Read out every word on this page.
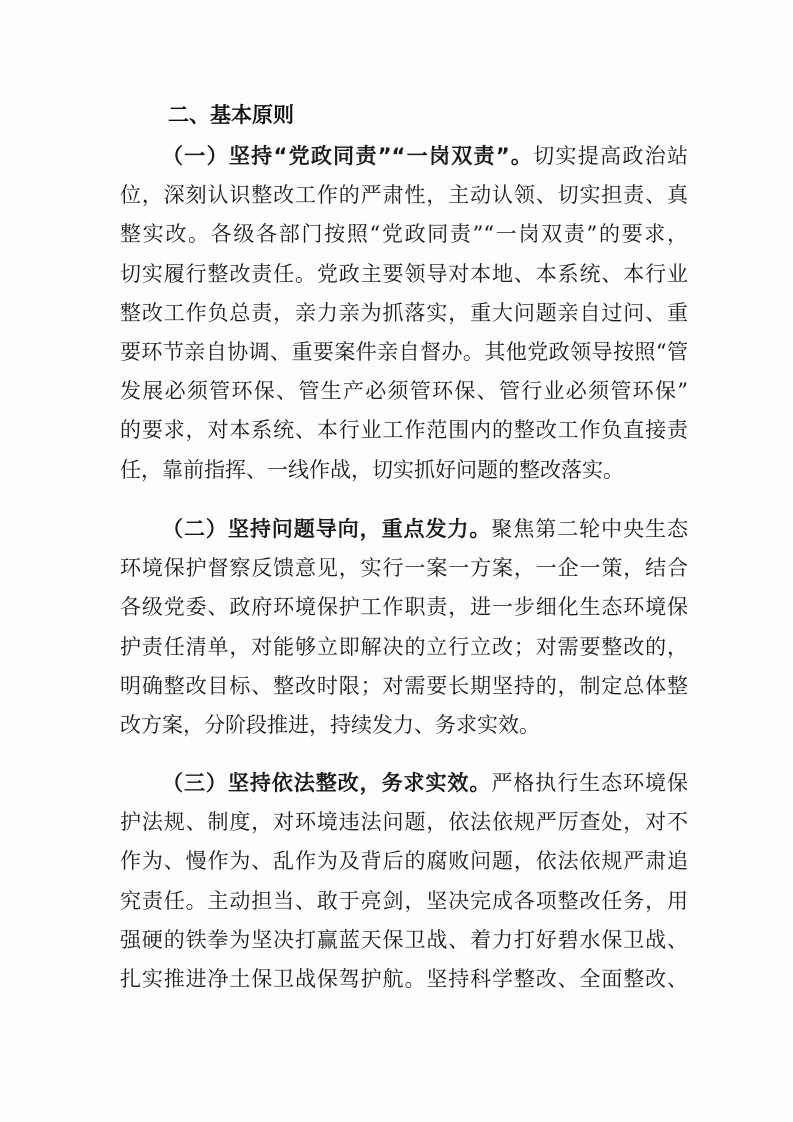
二、基本原则
（一）坚持“党政同责”“一岗双责”。切实提高政治站
位，深刻认识整改工作的严肃性，主动认领、切实担责、真
整实改。各级各部门按照“党政同责”“一岗双责”的要求，
切实履行整改责任。党政主要领导对本地、本系统、本行业
整改工作负总责，亲力亲为抓落实，重大问题亲自过问、重
要环节亲自协调、重要案件亲自督办。其他党政领导按照“管
发展必须管环保、管生产必须管环保、管行业必须管环保”
的要求，对本系统、本行业工作范围内的整改工作负直接责
任，靠前指挥、一线作战，切实抓好问题的整改落实。
（二）坚持问题导向，重点发力。聚焦第二轮中央生态
环境保护督察反馈意见，实行一案一方案，一企一策，结合
各级党委、政府环境保护工作职责，进一步细化生态环境保
护责任清单，对能够立即解决的立行立改；对需要整改的，
明确整改目标、整改时限；对需要长期坚持的，制定总体整
改方案，分阶段推进，持续发力、务求实效。
（三）坚持依法整改，务求实效。严格执行生态环境保
护法规、制度，对环境违法问题，依法依规严厉查处，对不
作为、慢作为、乱作为及背后的腐败问题，依法依规严肃追
究责任。主动担当、敢于亮剑，坚决完成各项整改任务，用
强硬的铁拳为坚决打赢蓝天保卫战、着力打好碧水保卫战、
扎实推进净土保卫战保驾护航。坚持科学整改、全面整改、
